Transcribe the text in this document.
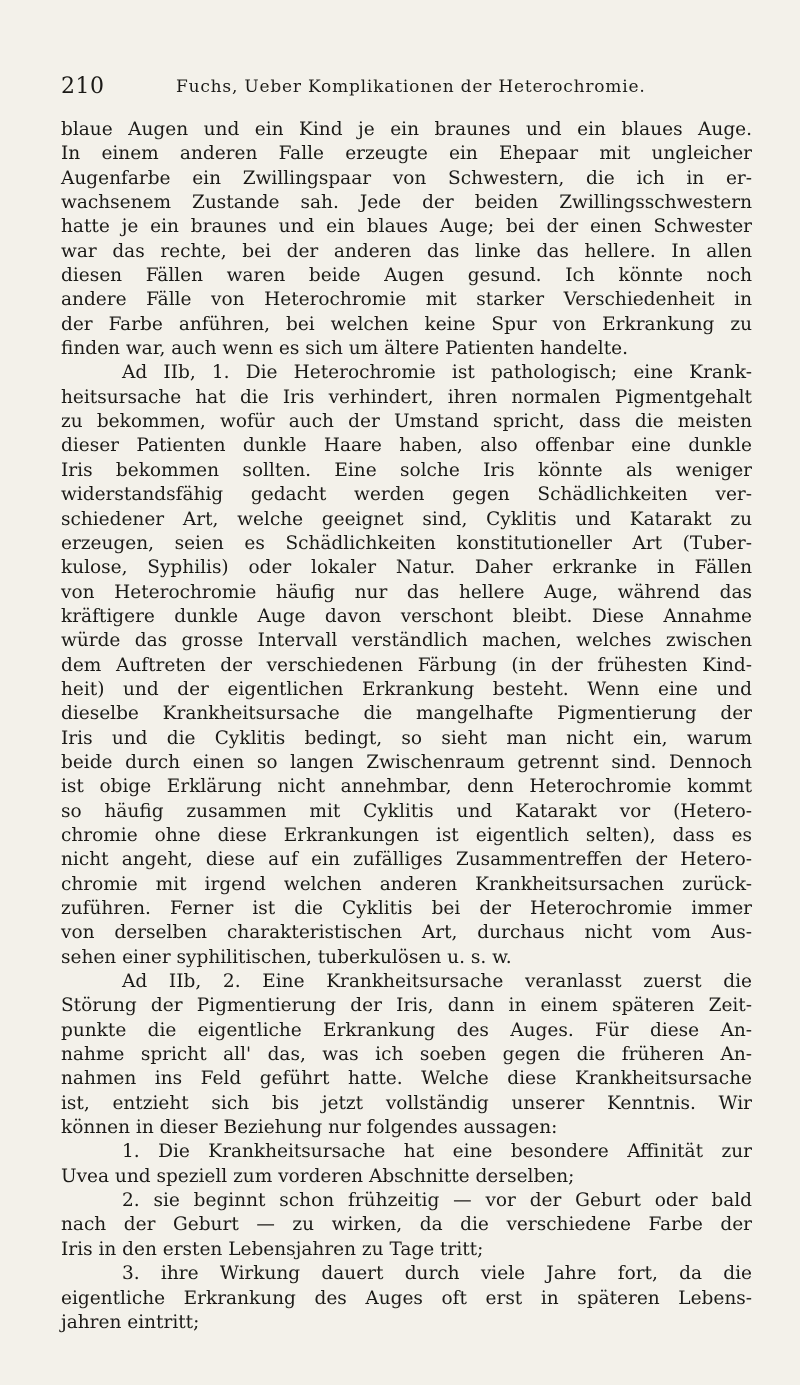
210	Fuchs, Ueber Komplikationen der Heterochromie.
blaue Augen und ein Kind je ein braunes und ein blaues Auge.
In einem anderen Falle erzeugte ein Ehepaar mit ungleicher
Augenfarbe ein Zwillingspaar von Schwestern, die ich in er-
wachsenem Zustande sah. Jede der beiden Zwillingsschwestern
hatte je ein braunes und ein blaues Auge; bei der einen Schwester
war das rechte, bei der anderen das linke das hellere. In allen
diesen Fällen waren beide Augen gesund. Ich könnte noch
andere Fälle von Heterochromie mit starker Verschiedenheit in
der Farbe anführen, bei welchen keine Spur von Erkrankung zu
finden war, auch wenn es sich um ältere Patienten handelte.
Ad IIb, 1. Die Heterochromie ist pathologisch; eine Krank-
heitsursache hat die Iris verhindert, ihren normalen Pigmentgehalt
zu bekommen, wofür auch der Umstand spricht, dass die meisten
dieser Patienten dunkle Haare haben, also offenbar eine dunkle
Iris bekommen sollten. Eine solche Iris könnte als weniger
widerstandsfähig gedacht werden gegen Schädlichkeiten ver-
schiedener Art, welche geeignet sind, Cyklitis und Katarakt zu
erzeugen, seien es Schädlichkeiten konstitutioneller Art (Tuber-
kulose, Syphilis) oder lokaler Natur. Daher erkranke in Fällen
von Heterochromie häufig nur das hellere Auge, während das
kräftigere dunkle Auge davon verschont bleibt. Diese Annahme
würde das grosse Intervall verständlich machen, welches zwischen
dem Auftreten der verschiedenen Färbung (in der frühesten Kind-
heit) und der eigentlichen Erkrankung besteht. Wenn eine und
dieselbe Krankheitsursache die mangelhafte Pigmentierung der
Iris und die Cyklitis bedingt, so sieht man nicht ein, warum
beide durch einen so langen Zwischenraum getrennt sind. Dennoch
ist obige Erklärung nicht annehmbar, denn Heterochromie kommt
so häufig zusammen mit Cyklitis und Katarakt vor (Hetero-
chromie ohne diese Erkrankungen ist eigentlich selten), dass es
nicht angeht, diese auf ein zufälliges Zusammentreffen der Hetero-
chromie mit irgend welchen anderen Krankheitsursachen zurück-
zuführen. Ferner ist die Cyklitis bei der Heterochromie immer
von derselben charakteristischen Art, durchaus nicht vom Aus-
sehen einer syphilitischen, tuberkulösen u. s. w.
Ad IIb, 2. Eine Krankheitsursache veranlasst zuerst die
Störung der Pigmentierung der Iris, dann in einem späteren Zeit-
punkte die eigentliche Erkrankung des Auges. Für diese An-
nahme spricht all' das, was ich soeben gegen die früheren An-
nahmen ins Feld geführt hatte. Welche diese Krankheitsursache
ist, entzieht sich bis jetzt vollständig unserer Kenntnis. Wir
können in dieser Beziehung nur folgendes aussagen:
1. Die Krankheitsursache hat eine besondere Affinität zur
Uvea und speziell zum vorderen Abschnitte derselben;
2. sie beginnt schon frühzeitig — vor der Geburt oder bald
nach der Geburt — zu wirken, da die verschiedene Farbe der
Iris in den ersten Lebensjahren zu Tage tritt;
3. ihre Wirkung dauert durch viele Jahre fort, da die
eigentliche Erkrankung des Auges oft erst in späteren Lebens-
jahren eintritt;
